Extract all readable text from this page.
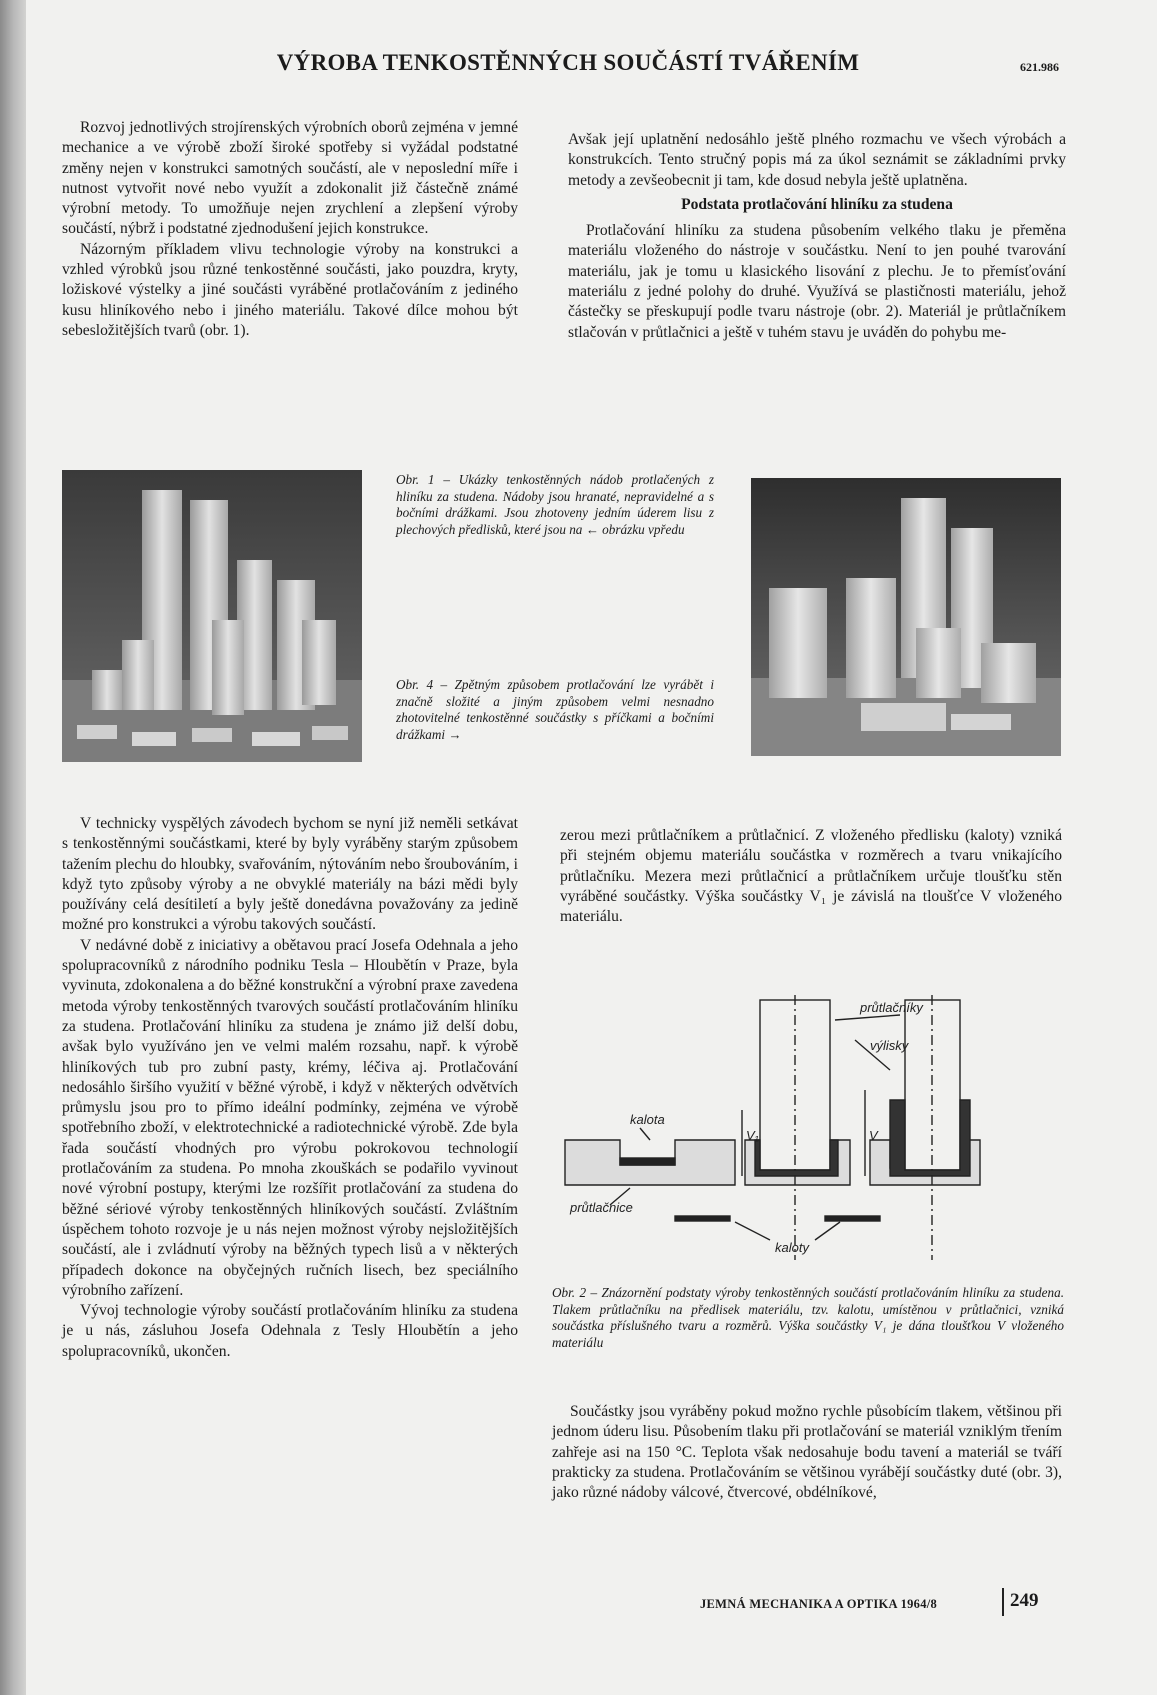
VÝROBA TENKOSTĚNNÝCH SOUČÁSTÍ TVÁŘENÍM	621.986

Rozvoj jednotlivých strojírenských výrobních oborů zejména v jemné mechanice a ve výrobě zboží široké spotřeby si vyžádal podstatné změny nejen v konstrukci samotných součástí, ale v neposlední míře i nutnost vytvořit nové nebo využít a zdokonalit již částečně známé výrobní metody. To umožňuje nejen zrychlení a zlepšení výroby součástí, nýbrž i podstatné zjednodušení jejich konstrukce.

Názorným příkladem vlivu technologie výroby na konstrukci a vzhled výrobků jsou různé tenkostěnné součásti, jako pouzdra, kryty, ložiskové výstelky a jiné součásti vyráběné protlačováním z jediného kusu hliníkového nebo i jiného materiálu. Takové dílce mohou být sebesložitějších tvarů (obr. 1).

Avšak její uplatnění nedosáhlo ještě plného rozmachu ve všech výrobách a konstrukcích. Tento stručný popis má za úkol seznámit se základními prvky metody a zevšeobecnit ji tam, kde dosud nebyla ještě uplatněna.

Podstata protlačování hliníku za studena

Protlačování hliníku za studena působením velkého tlaku je přeměna materiálu vloženého do nástroje v součástku. Není to jen pouhé tvarování materiálu, jak je tomu u klasického lisování z plechu. Je to přemísťování materiálu z jedné polohy do druhé. Využívá se plastičnosti materiálu, jehož částečky se přeskupují podle tvaru nástroje (obr. 2). Materiál je průtlačníkem stlačován v průtlačnici a ještě v tuhém stavu je uváděn do pohybu me-

Obr. 1 – Ukázky tenkostěnných nádob protlačených z hliníku za studena. Nádoby jsou hranaté, nepravidelné a s bočními drážkami. Jsou zhotoveny jedním úderem lisu z plechových předlisků, které jsou na ← obrázku vpředu
Obr. 4 – Zpětným způsobem protlačování lze vyrábět i značně složité a jiným způsobem velmi nesnadno zhotovitelné tenkostěnné součástky s příčkami a bočními drážkami →

V technicky vyspělých závodech bychom se nyní již neměli setkávat s tenkostěnnými součástkami, které by byly vyráběny starým způsobem tažením plechu do hloubky, svařováním, nýtováním nebo šroubováním, i když tyto způsoby výroby a ne obvyklé materiály na bázi mědi byly používány celá desítiletí a byly ještě donedávna považovány za jedině možné pro konstrukci a výrobu takových součástí.

V nedávné době z iniciativy a obětavou prací Josefa Odehnala a jeho spolupracovníků z národního podniku Tesla – Hloubětín v Praze, byla vyvinuta, zdokonalena a do běžné konstrukční a výrobní praxe zavedena metoda výroby tenkostěnných tvarových součástí protlačováním hliníku za studena. Protlačování hliníku za studena je známo již delší dobu, avšak bylo využíváno jen ve velmi malém rozsahu, např. k výrobě hliníkových tub pro zubní pasty, krémy, léčiva aj. Protlačování nedosáhlo širšího využití v běžné výrobě, i když v některých odvětvích průmyslu jsou pro to přímo ideální podmínky, zejména ve výrobě spotřebního zboží, v elektrotechnické a radiotechnické výrobě. Zde byla řada součástí vhodných pro výrobu pokrokovou technologií protlačováním za studena. Po mnoha zkouškách se podařilo vyvinout nové výrobní postupy, kterými lze rozšířit protlačování za studena do běžné sériové výroby tenkostěnných hliníkových součástí. Zvláštním úspěchem tohoto rozvoje je u nás nejen možnost výroby nejsložitějších součástí, ale i zvládnutí výroby na běžných typech lisů a v některých případech dokonce na obyčejných ručních lisech, bez speciálního výrobního zařízení.

Vývoj technologie výroby součástí protlačováním hliníku za studena je u nás, zásluhou Josefa Odehnala z Tesly Hloubětín a jeho spolupracovníků, ukončen.

zerou mezi průtlačníkem a průtlačnicí. Z vloženého předlisku (kaloty) vzniká při stejném objemu materiálu součástka v rozměrech a tvaru vnikajícího průtlačníku. Mezera mezi průtlačnicí a průtlačníkem určuje tloušťku stěn vyráběné součástky. Výška součástky V₁ je závislá na tloušťce V vloženého materiálu.

průtlačníky
výlisky
kalota
průtlačnice
kaloty
V₁	V
Obr. 2 – Znázornění podstaty výroby tenkostěnných součástí protlačováním hliníku za studena. Tlakem průtlačníku na předlisek materiálu, tzv. kalotu, umístěnou v průtlačnici, vzniká součástka příslušného tvaru a rozměrů. Výška součástky V₁ je dána tloušťkou V vloženého materiálu

Součástky jsou vyráběny pokud možno rychle působícím tlakem, většinou při jednom úderu lisu. Působením tlaku při protlačování se materiál vzniklým třením zahřeje asi na 150 °C. Teplota však nedosahuje bodu tavení a materiál se tváří prakticky za studena. Protlačováním se většinou vyrábějí součástky duté (obr. 3), jako různé nádoby válcové, čtvercové, obdélníkové,

JEMNÁ MECHANIKA A OPTIKA 1964/8	249
